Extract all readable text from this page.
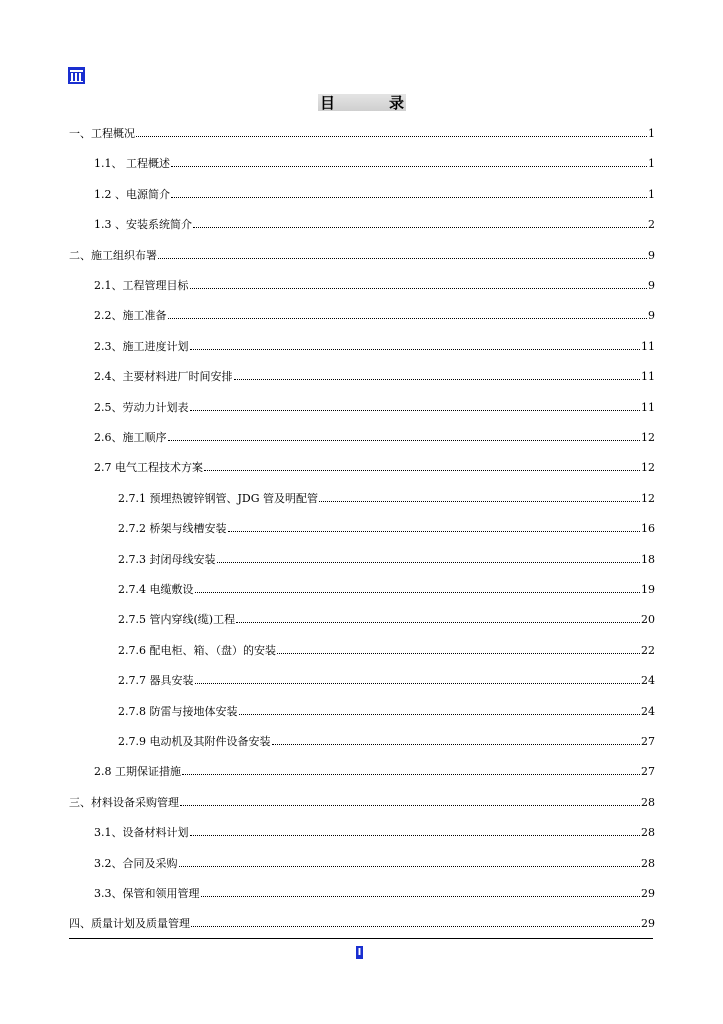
目	录
一、工程概况	1
1.1、 工程概述	1
1.2 、电源简介	1
1.3 、安装系统简介	2
二、施工组织布署	9
2.1、工程管理目标	9
2.2、施工准备	9
2.3、施工进度计划	11
2.4、主要材料进厂时间安排	11
2.5、劳动力计划表	11
2.6、施工顺序	12
2.7 电气工程技术方案	12
2.7.1 预埋热镀锌钢管、JDG 管及明配管	12
2.7.2 桥架与线槽安装	16
2.7.3 封闭母线安装	18
2.7.4 电缆敷设	19
2.7.5 管内穿线(缆)工程	20
2.7.6 配电柜、箱、（盘）的安装	22
2.7.7 器具安装	24
2.7.8 防雷与接地体安装	24
2.7.9 电动机及其附件设备安装	27
2.8 工期保证措施	27
三、材料设备采购管理	28
3.1、设备材料计划	28
3.2、合同及采购	28
3.3、保管和领用管理	29
四、质量计划及质量管理	29
I
